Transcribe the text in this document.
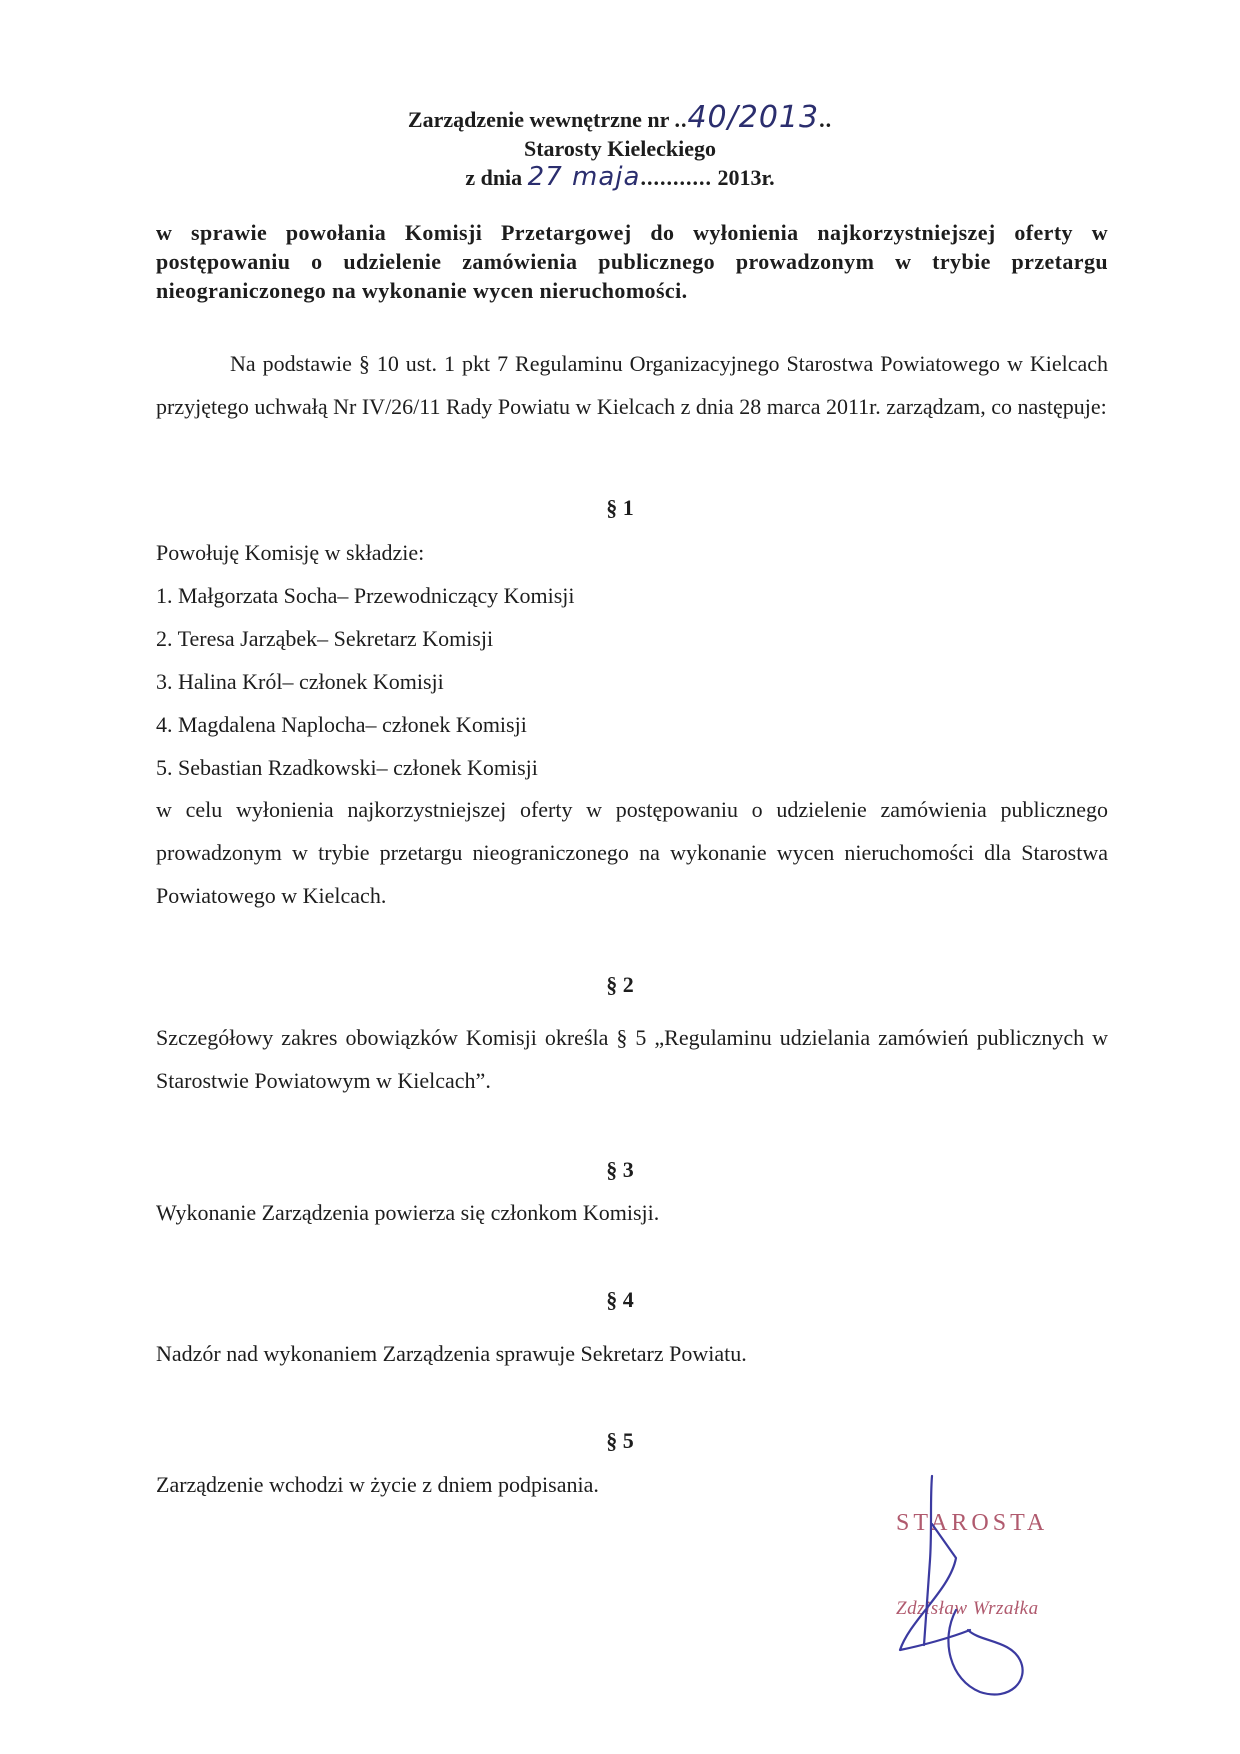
Zarządzenie wewnętrzne nr ..40/2013..
Starosty Kieleckiego
z dnia 27 maja........... 2013r.
w sprawie powołania Komisji Przetargowej do wyłonienia najkorzystniejszej oferty w postępowaniu o udzielenie zamówienia publicznego prowadzonym w trybie przetargu nieograniczonego na wykonanie wycen nieruchomości.
Na podstawie § 10 ust. 1 pkt 7 Regulaminu Organizacyjnego Starostwa Powiatowego w Kielcach przyjętego uchwałą Nr IV/26/11 Rady Powiatu w Kielcach z dnia 28 marca 2011r. zarządzam, co następuje:
§ 1
Powołuję Komisję w składzie:
1. Małgorzata Socha– Przewodniczący Komisji
2. Teresa Jarząbek– Sekretarz Komisji
3. Halina Król– członek Komisji
4. Magdalena Naplocha– członek Komisji
5. Sebastian Rzadkowski– członek Komisji
w celu wyłonienia najkorzystniejszej oferty w postępowaniu o udzielenie zamówienia publicznego prowadzonym w trybie przetargu nieograniczonego na wykonanie wycen nieruchomości dla Starostwa Powiatowego w Kielcach.
§ 2
Szczegółowy zakres obowiązków Komisji określa § 5 „Regulaminu udzielania zamówień publicznych w Starostwie Powiatowym w Kielcach”.
§ 3
Wykonanie Zarządzenia powierza się członkom Komisji.
§ 4
Nadzór nad wykonaniem Zarządzenia sprawuje Sekretarz Powiatu.
§ 5
Zarządzenie wchodzi w życie z dniem podpisania.
STAROSTA
Zdzisław Wrzałka
